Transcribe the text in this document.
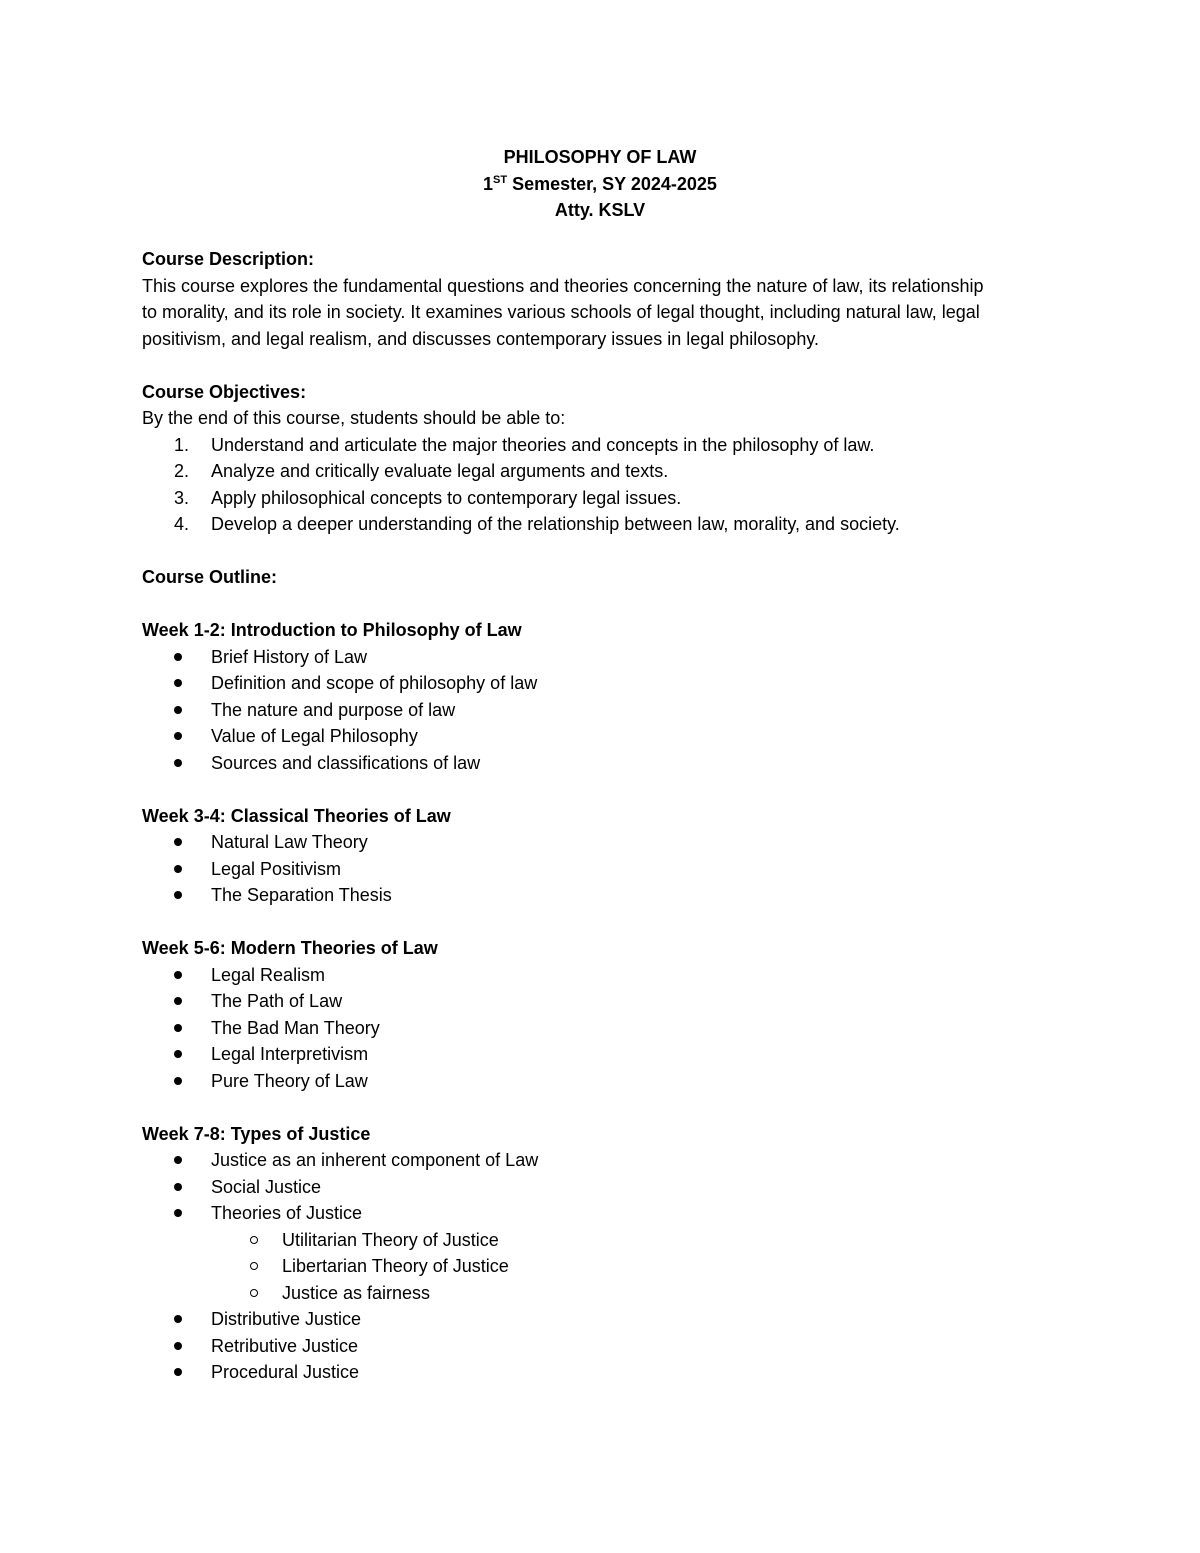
PHILOSOPHY OF LAW
1ST Semester, SY 2024-2025
Atty. KSLV
Course Description:
This course explores the fundamental questions and theories concerning the nature of law, its relationship
to morality, and its role in society. It examines various schools of legal thought, including natural law, legal
positivism, and legal realism, and discusses contemporary issues in legal philosophy.
Course Objectives:
By the end of this course, students should be able to:
1. Understand and articulate the major theories and concepts in the philosophy of law.
2. Analyze and critically evaluate legal arguments and texts.
3. Apply philosophical concepts to contemporary legal issues.
4. Develop a deeper understanding of the relationship between law, morality, and society.
Course Outline:
Week 1-2: Introduction to Philosophy of Law
Brief History of Law
Definition and scope of philosophy of law
The nature and purpose of law
Value of Legal Philosophy
Sources and classifications of law
Week 3-4: Classical Theories of Law
Natural Law Theory
Legal Positivism
The Separation Thesis
Week 5-6: Modern Theories of Law
Legal Realism
The Path of Law
The Bad Man Theory
Legal Interpretivism
Pure Theory of Law
Week 7-8: Types of Justice
Justice as an inherent component of Law
Social Justice
Theories of Justice
Utilitarian Theory of Justice
Libertarian Theory of Justice
Justice as fairness
Distributive Justice
Retributive Justice
Procedural Justice
